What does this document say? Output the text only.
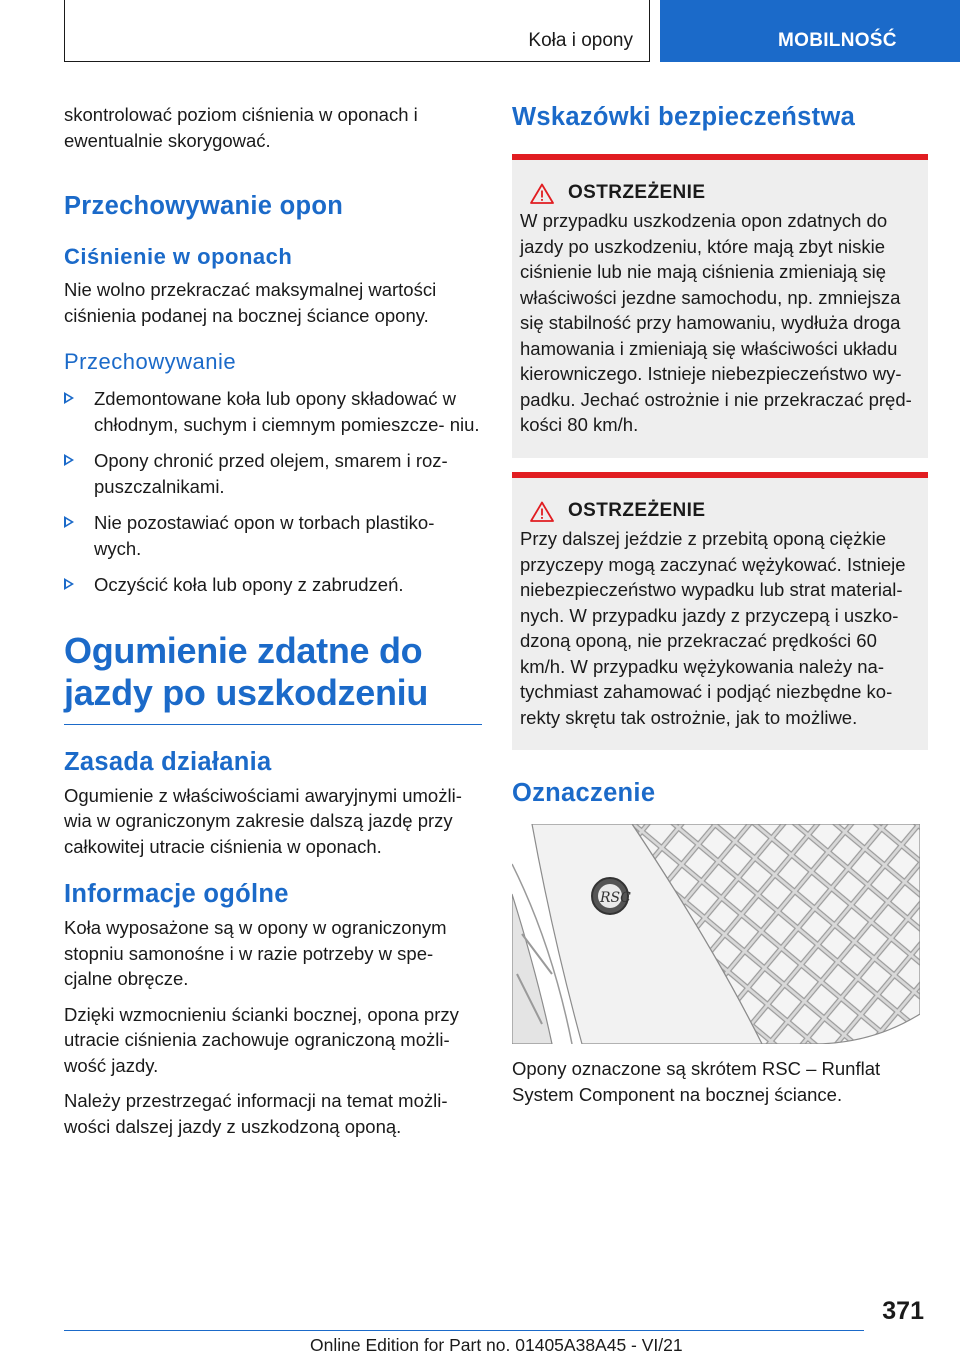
Koła i opony	MOBILNOŚĆ

skontrolować poziom ciśnienia w oponach i ewentualnie skorygować.

Przechowywanie opon
Ciśnienie w oponach

Nie wolno przekraczać maksymalnej wartości ciśnienia podanej na bocznej ściance opony.

Przechowywanie
Zdemontowane koła lub opony składować w chłodnym, suchym i ciemnym pomieszcze- niu.
Opony chronić przed olejem, smarem i roz- puszczalnikami.
Nie pozostawiać opon w torbach plastiko- wych.
Oczyścić koła lub opony z zabrudzeń.
Ogumienie zdatne do jazdy po uszkodzeniu
Zasada działania

Ogumienie z właściwościami awaryjnymi umożli- wia w ograniczonym zakresie dalszą jazdę przy całkowitej utracie ciśnienia w oponach.

Informacje ogólne

Koła wyposażone są w opony w ograniczonym stopniu samonośne i w razie potrzeby w spe- cjalne obręcze.

Dzięki wzmocnieniu ścianki bocznej, opona przy utracie ciśnienia zachowuje ograniczoną możli- wość jazdy.

Należy przestrzegać informacji na temat możli- wości dalszej jazdy z uszkodzoną oponą.

Wskazówki bezpieczeństwa
OSTRZEŻENIE

W przypadku uszkodzenia opon zdatnych do jazdy po uszkodzeniu, które mają zbyt niskie ciśnienie lub nie mają ciśnienia zmieniają się właściwości jezdne samochodu, np. zmniejsza się stabilność przy hamowaniu, wydłuża droga hamowania i zmieniają się właściwości układu kierowniczego. Istnieje niebezpieczeństwo wy- padku. Jechać ostrożnie i nie przekraczać pręd- kości 80 km/h.

OSTRZEŻENIE

Przy dalszej jeździe z przebitą oponą ciężkie przyczepy mogą zaczynać wężykować. Istnieje niebezpieczeństwo wypadku lub strat material- nych. W przypadku jazdy z przyczepą i uszko- dzoną oponą, nie przekraczać prędkości 60 km/h. W przypadku wężykowania należy na- tychmiast zahamować i podjąć niezbędne ko- rekty skrętu tak ostrożnie, jak to możliwe.

Oznaczenie
RSC

Opony oznaczone są skrótem RSC – Runflat System Component na bocznej ściance.

371
Online Edition for Part no. 01405A38A45 - VI/21
